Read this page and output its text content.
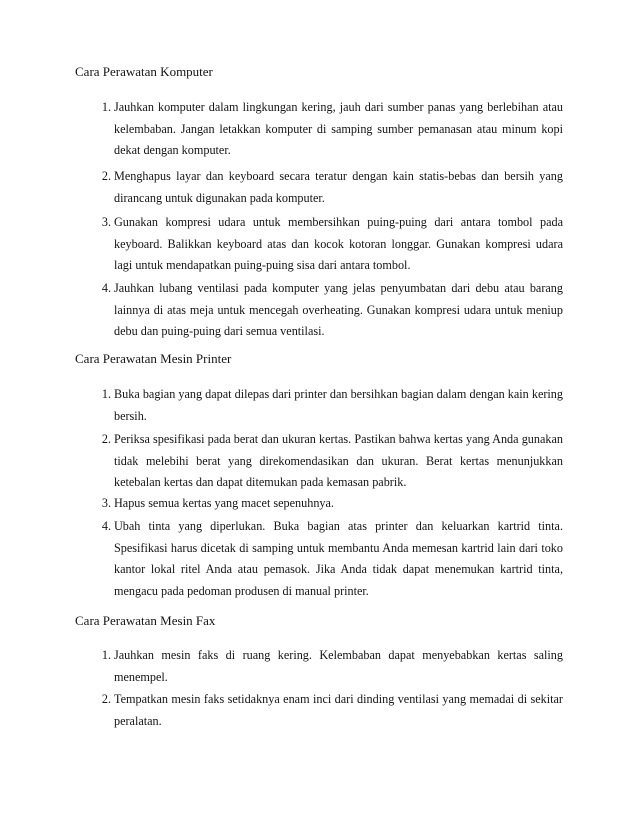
Cara Perawatan Komputer
1. Jauhkan komputer dalam lingkungan kering, jauh dari sumber panas yang berlebihan atau kelembaban. Jangan letakkan komputer di samping sumber pemanasan atau minum kopi dekat dengan komputer.
2. Menghapus layar dan keyboard secara teratur dengan kain statis-bebas dan bersih yang dirancang untuk digunakan pada komputer.
3. Gunakan kompresi udara untuk membersihkan puing-puing dari antara tombol pada keyboard. Balikkan keyboard atas dan kocok kotoran longgar. Gunakan kompresi udara lagi untuk mendapatkan puing-puing sisa dari antara tombol.
4. Jauhkan lubang ventilasi pada komputer yang jelas penyumbatan dari debu atau barang lainnya di atas meja untuk mencegah overheating. Gunakan kompresi udara untuk meniup debu dan puing-puing dari semua ventilasi.
Cara Perawatan Mesin Printer
1. Buka bagian yang dapat dilepas dari printer dan bersihkan bagian dalam dengan kain kering bersih.
2. Periksa spesifikasi pada berat dan ukuran kertas. Pastikan bahwa kertas yang Anda gunakan tidak melebihi berat yang direkomendasikan dan ukuran. Berat kertas menunjukkan ketebalan kertas dan dapat ditemukan pada kemasan pabrik.
3. Hapus semua kertas yang macet sepenuhnya.
4. Ubah tinta yang diperlukan. Buka bagian atas printer dan keluarkan kartrid tinta. Spesifikasi harus dicetak di samping untuk membantu Anda memesan kartrid lain dari toko kantor lokal ritel Anda atau pemasok. Jika Anda tidak dapat menemukan kartrid tinta, mengacu pada pedoman produsen di manual printer.
Cara Perawatan Mesin Fax
1. Jauhkan mesin faks di ruang kering. Kelembaban dapat menyebabkan kertas saling menempel.
2. Tempatkan mesin faks setidaknya enam inci dari dinding ventilasi yang memadai di sekitar peralatan.
